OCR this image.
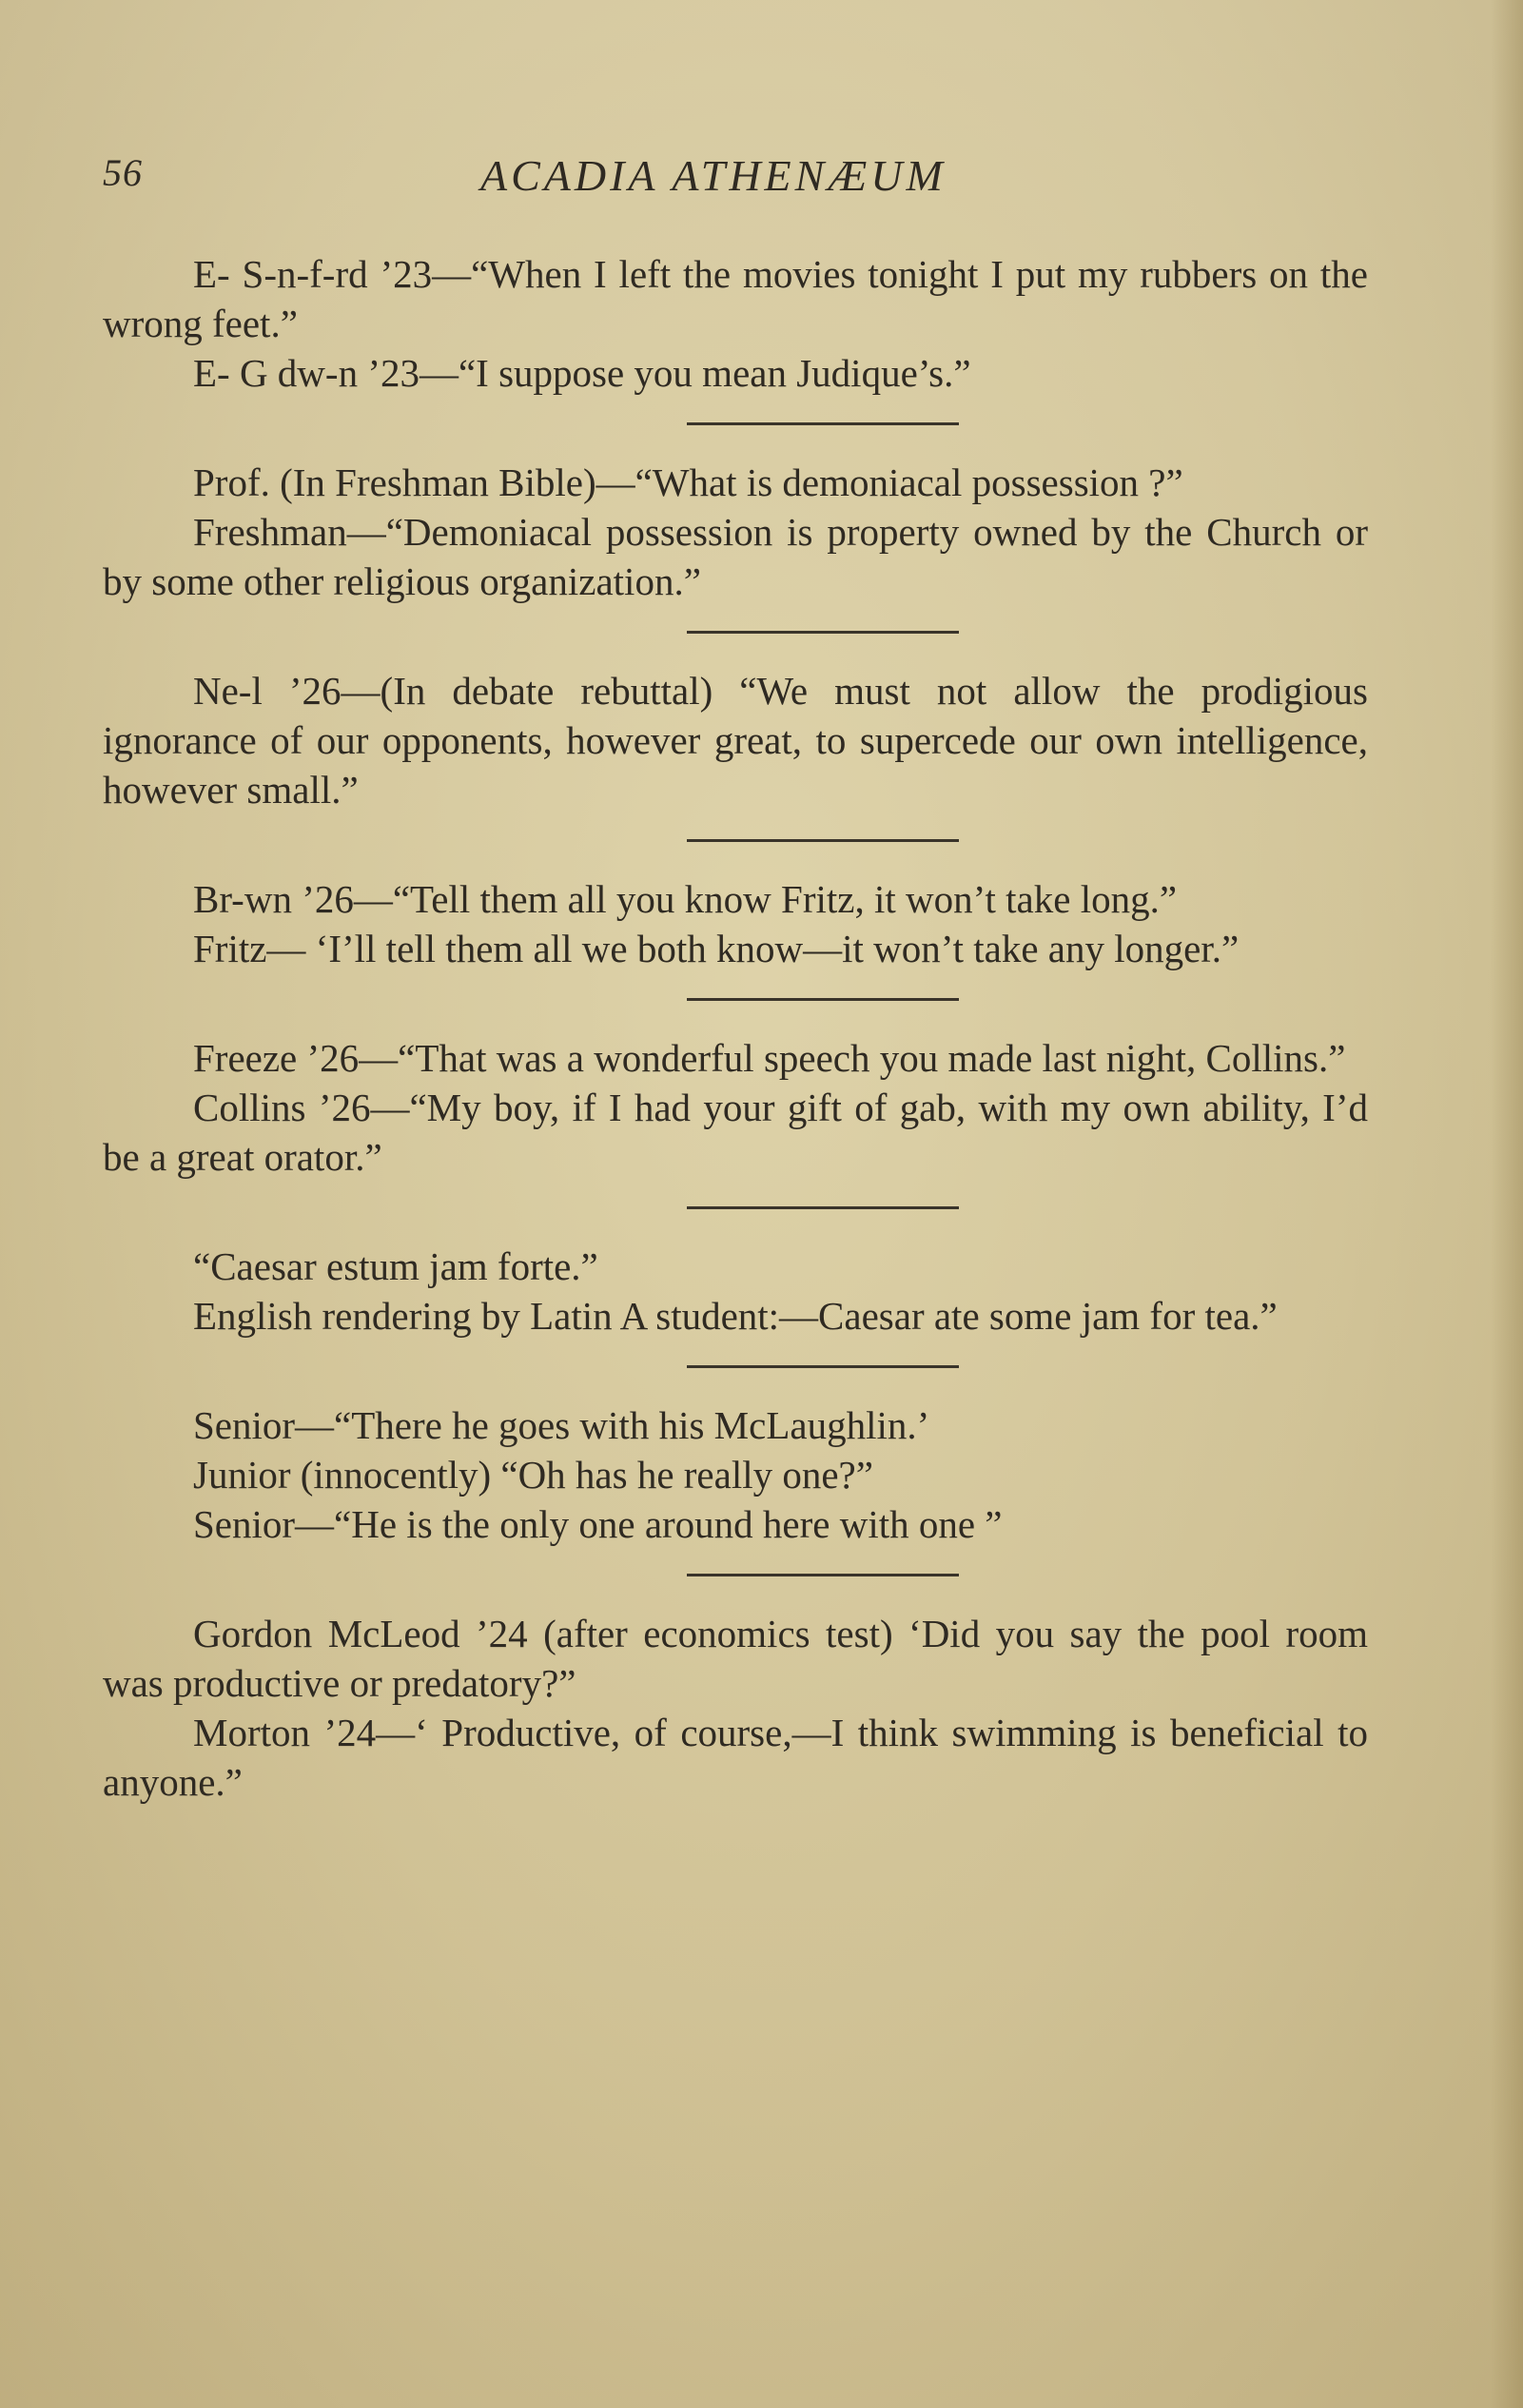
56	ACADIA ATHENÆUM

E- S-n-f-rd ’23—“When I left the movies tonight I put my rubbers on the wrong feet.”

E- G dw-n ’23—“I suppose you mean Judique’s.”

Prof. (In Freshman Bible)—“What is demoniacal possession ?”

Freshman—“Demoniacal possession is property owned by the Church or by some other religious organization.”

Ne-l ’26—(In debate rebuttal) “We must not allow the prodigious ignorance of our opponents, however great, to supercede our own intelligence, however small.”

Br-wn ’26—“Tell them all you know Fritz, it won’t take long.”

Fritz— ‘I’ll tell them all we both know—it won’t take any longer.”

Freeze ’26—“That was a wonderful speech you made last night, Collins.”

Collins ’26—“My boy, if I had your gift of gab, with my own ability, I’d be a great orator.”

“Caesar estum jam forte.”

English rendering by Latin A student:—Caesar ate some jam for tea.”

Senior—“There he goes with his McLaughlin.’

Junior (innocently) “Oh has he really one?”

Senior—“He is the only one around here with one ”

Gordon McLeod ’24 (after economics test) ‘Did you say the pool room was productive or predatory?”

Morton ’24—‘ Productive, of course,—I think swimming is beneficial to anyone.”
